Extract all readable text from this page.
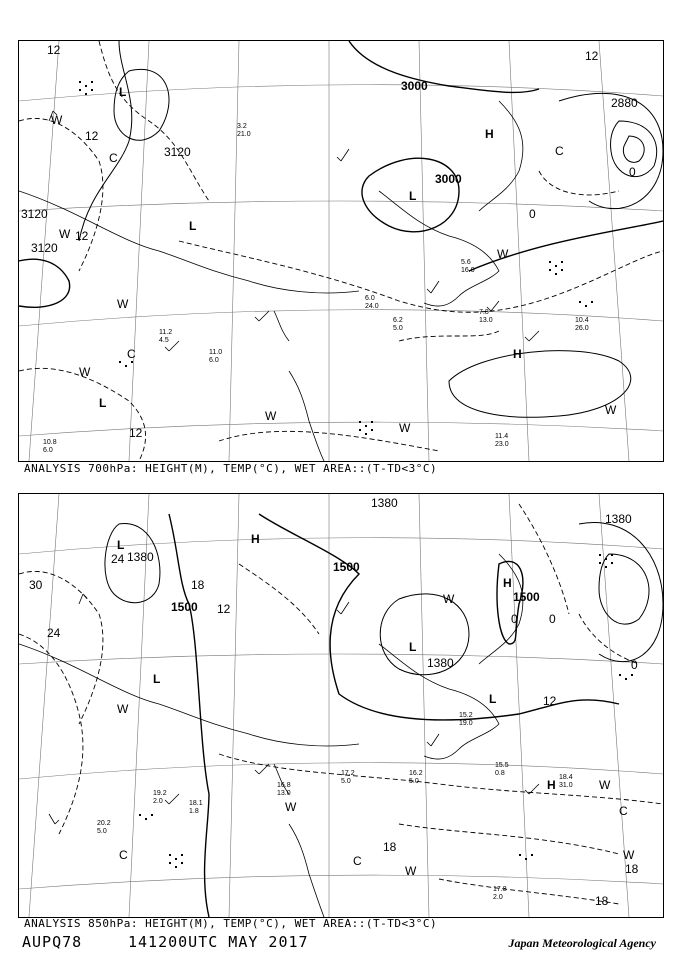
3000
3000
3120
3120
3120
2880
12
12
12
12
0
0
12
L
L
L
L
H
H
C	C
C
W
W
W
W
W
W
W
W
10.4
26.0
7.8
13.0
6.2
5.0
11.4
23.0
11.2
4.5
11.0
6.0
10.8
6.0
6.0
24.0
5.6
16.0
3.2
21.0
ANALYSIS 700hPa: HEIGHT(M), TEMP(°C), WET AREA::(T-TD<3°C)
1380
1500
1500
1500
1380
1380
1380
24
24
30	18
12
18
18
18
12
0
0
0
L
L
L
L
H
H
H
C
C
C
W
W
W
W
W
W
18.4
31.0
17.8
2.0
16.2
5.0
15.5
0.8
16.8
13.0
17.2
5.0
19.2
2.0	18.1
1.8
20.2
5.0
15.2
19.0
ANALYSIS 850hPa: HEIGHT(M), TEMP(°C), WET AREA::(T-TD<3°C)
AUPQ78	141200UTC MAY 2017	Japan Meteorological Agency
